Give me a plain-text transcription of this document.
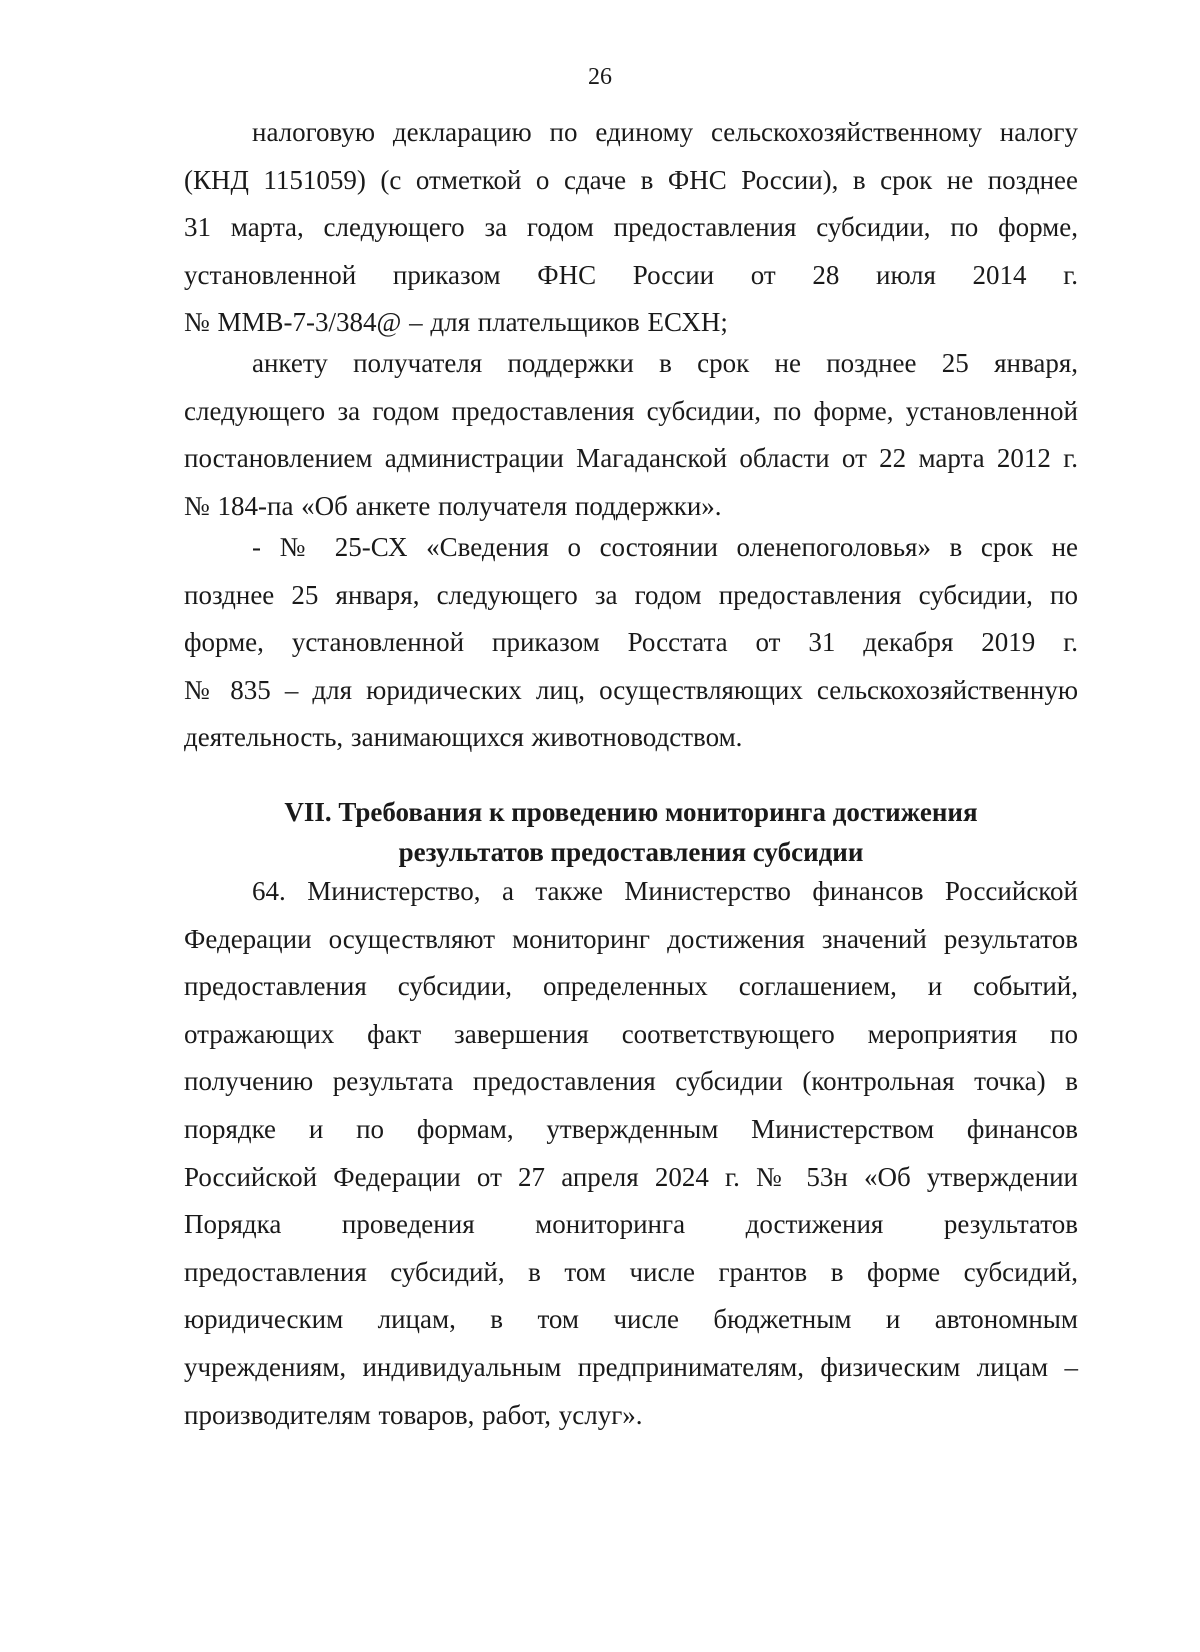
26
налоговую декларацию по единому сельскохозяйственному налогу
(КНД 1151059) (с отметкой о сдаче в ФНС России), в срок не позднее
31 марта, следующего за годом предоставления субсидии, по форме,
установленной приказом ФНС России от 28 июля 2014 г.
№ ММВ-7-3/384@ – для плательщиков ЕСХН;
анкету получателя поддержки в срок не позднее 25 января,
следующего за годом предоставления субсидии, по форме, установленной
постановлением администрации Магаданской области от 22 марта 2012 г.
№ 184-па «Об анкете получателя поддержки».
- № 25-СХ «Сведения о состоянии оленепоголовья» в срок не
позднее 25 января, следующего за годом предоставления субсидии, по
форме, установленной приказом Росстата от 31 декабря 2019 г.
№ 835 – для юридических лиц, осуществляющих сельскохозяйственную
деятельность, занимающихся животноводством.
VII. Требования к проведению мониторинга достижения
результатов предоставления субсидии
64. Министерство, а также Министерство финансов Российской
Федерации осуществляют мониторинг достижения значений результатов
предоставления субсидии, определенных соглашением, и событий,
отражающих факт завершения соответствующего мероприятия по
получению результата предоставления субсидии (контрольная точка) в
порядке и по формам, утвержденным Министерством финансов
Российской Федерации от 27 апреля 2024 г. № 53н «Об утверждении
Порядка проведения мониторинга достижения результатов
предоставления субсидий, в том числе грантов в форме субсидий,
юридическим лицам, в том числе бюджетным и автономным
учреждениям, индивидуальным предпринимателям, физическим лицам –
производителям товаров, работ, услуг».
